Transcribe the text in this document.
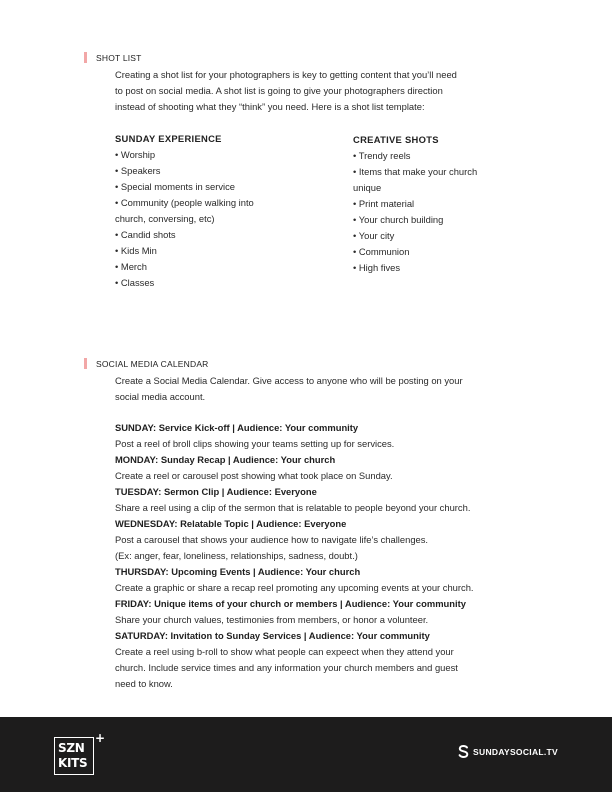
SHOT LIST
Creating a shot list for your photographers is key to getting content that you’ll need
to post on social media. A shot list is going to give your photographers direction
instead of shooting what they “think” you need. Here is a shot list template:
SUNDAY EXPERIENCE
• Worship
• Speakers
• Special moments in service
• Community (people walking into
church, conversing, etc)
• Candid shots
• Kids Min
• Merch
• Classes
CREATIVE SHOTS
• Trendy reels
• Items that make your church
unique
• Print material
• Your church building
• Your city
• Communion
• High fives
SOCIAL MEDIA CALENDAR
Create a Social Media Calendar. Give access to anyone who will be posting on your
social media account.
SUNDAY: Service Kick-off | Audience: Your community
Post a reel of broll clips showing your teams setting up for services.
MONDAY: Sunday Recap | Audience: Your church
Create a reel or carousel post showing what took place on Sunday.
TUESDAY: Sermon Clip | Audience: Everyone
Share a reel using a clip of the sermon that is relatable to people beyond your church.
WEDNESDAY: Relatable Topic | Audience: Everyone
Post a carousel that shows your audience how to navigate life’s challenges.
(Ex: anger, fear, loneliness, relationships, sadness, doubt.)
THURSDAY: Upcoming Events | Audience: Your church
Create a graphic or share a recap reel promoting any upcoming events at your church.
FRIDAY: Unique items of your church or members | Audience: Your community
Share your church values, testimonies from members, or honor a volunteer.
SATURDAY: Invitation to Sunday Services | Audience: Your community
Create a reel using b-roll to show what people can expeect when they attend your
church. Include service times and any information your church members and guest
need to know.
SZN
KITS
+
SUNDAYSOCIAL.TV
